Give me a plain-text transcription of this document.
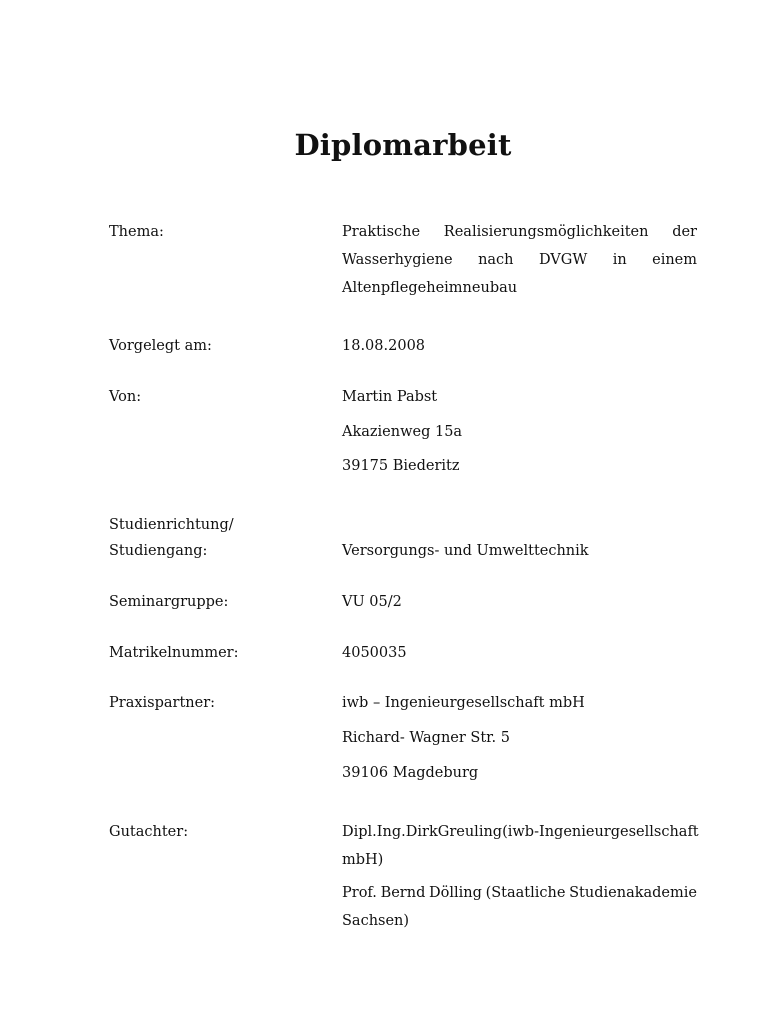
Diplomarbeit
Thema:	Praktische Realisierungsmöglichkeiten der
Wasserhygiene nach DVGW in einem
Altenpflegeheimneubau
Vorgelegt am:	18.08.2008
Von:	Martin Pabst
Akazienweg 15a
39175 Biederitz
Studienrichtung/
Studiengang:	Versorgungs- und Umwelttechnik
Seminargruppe:	VU 05/2
Matrikelnummer:	4050035
Praxispartner:	iwb – Ingenieurgesellschaft mbH
Richard- Wagner Str. 5
39106 Magdeburg
Gutachter:	Dipl. Ing. Dirk Greuling (iwb-Ingenieurgesellschaft
mbH)
Prof. Bernd Dölling (Staatliche Studienakademie
Sachsen)
